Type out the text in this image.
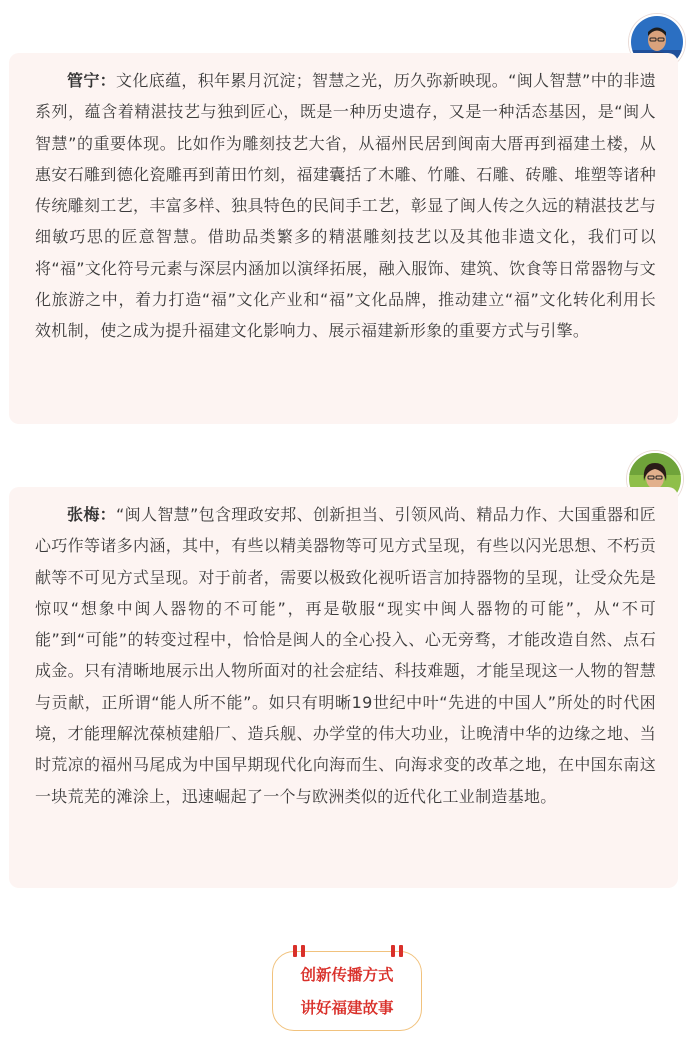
管宁：文化底蕴，积年累月沉淀；智慧之光，历久弥新映现。“闽人智慧”中的非遗系列，蕴含着精湛技艺与独到匠心，既是一种历史遗存，又是一种活态基因，是“闽人智慧”的重要体现。比如作为雕刻技艺大省，从福州民居到闽南大厝再到福建土楼，从惠安石雕到德化瓷雕再到莆田竹刻，福建囊括了木雕、竹雕、石雕、砖雕、堆塑等诸种传统雕刻工艺，丰富多样、独具特色的民间手工艺，彰显了闽人传之久远的精湛技艺与细敏巧思的匠意智慧。借助品类繁多的精湛雕刻技艺以及其他非遗文化，我们可以将“福”文化符号元素与深层内涵加以演绎拓展，融入服饰、建筑、饮食等日常器物与文化旅游之中，着力打造“福”文化产业和“福”文化品牌，推动建立“福”文化转化利用长效机制，使之成为提升福建文化影响力、展示福建新形象的重要方式与引擎。

张梅：“闽人智慧”包含理政安邦、创新担当、引领风尚、精品力作、大国重器和匠心巧作等诸多内涵，其中，有些以精美器物等可见方式呈现，有些以闪光思想、不朽贡献等不可见方式呈现。对于前者，需要以极致化视听语言加持器物的呈现，让受众先是惊叹“想象中闽人器物的不可能”，再是敬服“现实中闽人器物的可能”，从“不可能”到“可能”的转变过程中，恰恰是闽人的全心投入、心无旁骛，才能改造自然、点石成金。只有清晰地展示出人物所面对的社会症结、科技难题，才能呈现这一人物的智慧与贡献，正所谓“能人所不能”。如只有明晰19世纪中叶“先进的中国人”所处的时代困境，才能理解沈葆桢建船厂、造兵舰、办学堂的伟大功业，让晚清中华的边缘之地、当时荒凉的福州马尾成为中国早期现代化向海而生、向海求变的改革之地，在中国东南这一块荒芜的滩涂上，迅速崛起了一个与欧洲类似的近代化工业制造基地。

创新传播方式
讲好福建故事
